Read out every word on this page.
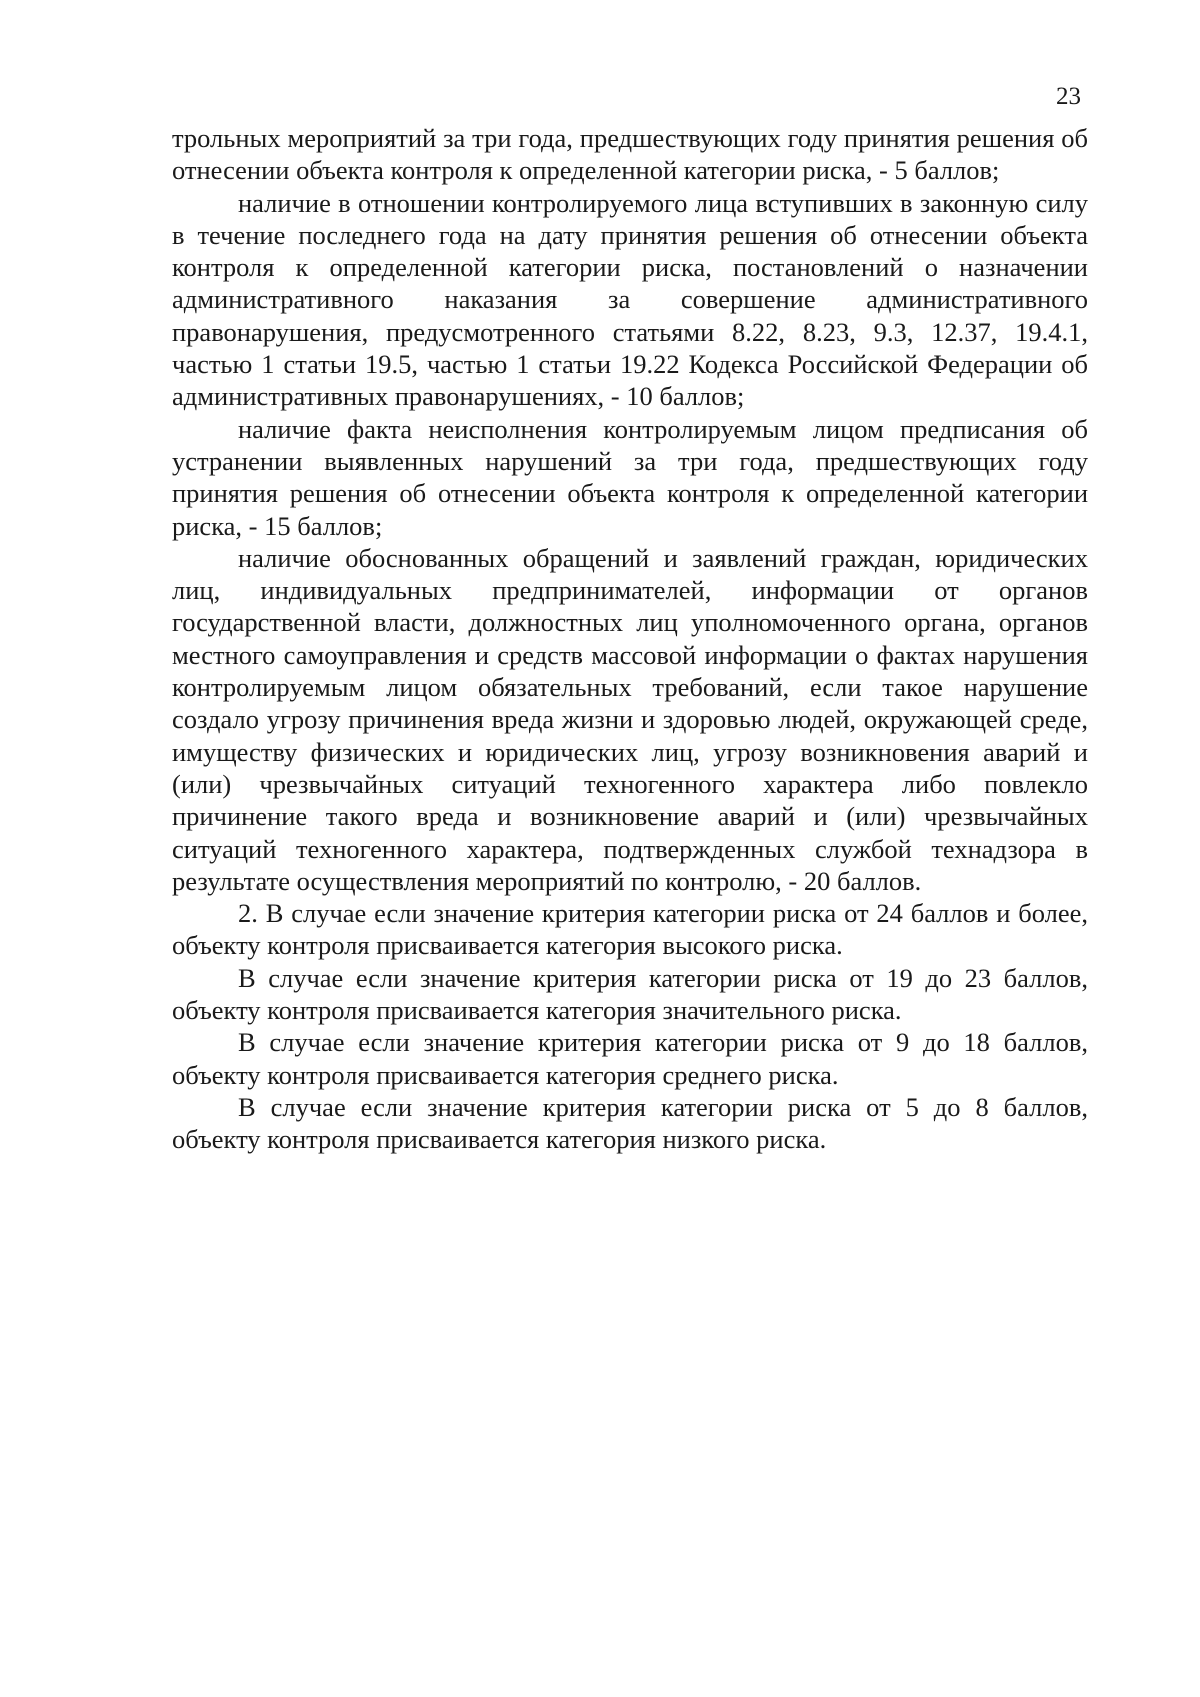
23

трольных мероприятий за три года, предшествующих году принятия решения об отнесении объекта контроля к определенной категории риска, - 5 баллов;

наличие в отношении контролируемого лица вступивших в законную силу в течение последнего года на дату принятия решения об отнесении объекта контроля к определенной категории риска, постановлений о назначении административного наказания за совершение административного правонарушения, предусмотренного статьями 8.22, 8.23, 9.3, 12.37, 19.4.1, частью 1 статьи 19.5, частью 1 статьи 19.22 Кодекса Российской Федерации об административных правонарушениях, - 10 баллов;

наличие факта неисполнения контролируемым лицом предписания об устранении выявленных нарушений за три года, предшествующих году принятия решения об отнесении объекта контроля к определенной категории риска, - 15 баллов;

наличие обоснованных обращений и заявлений граждан, юридических лиц, индивидуальных предпринимателей, информации от органов государственной власти, должностных лиц уполномоченного органа, органов местного самоуправления и средств массовой информации о фактах нарушения контролируемым лицом обязательных требований, если такое нарушение создало угрозу причинения вреда жизни и здоровью людей, окружающей среде, имуществу физических и юридических лиц, угрозу возникновения аварий и (или) чрезвычайных ситуаций техногенного характера либо повлекло причинение такого вреда и возникновение аварий и (или) чрезвычайных ситуаций техногенного характера, подтвержденных службой технадзора в результате осуществления мероприятий по контролю, - 20 баллов.

2. В случае если значение критерия категории риска от 24 баллов и более, объекту контроля присваивается категория высокого риска.

В случае если значение критерия категории риска от 19 до 23 баллов, объекту контроля присваивается категория значительного риска.

В случае если значение критерия категории риска от 9 до 18 баллов, объекту контроля присваивается категория среднего риска.

В случае если значение критерия категории риска от 5 до 8 баллов, объекту контроля присваивается категория низкого риска.
